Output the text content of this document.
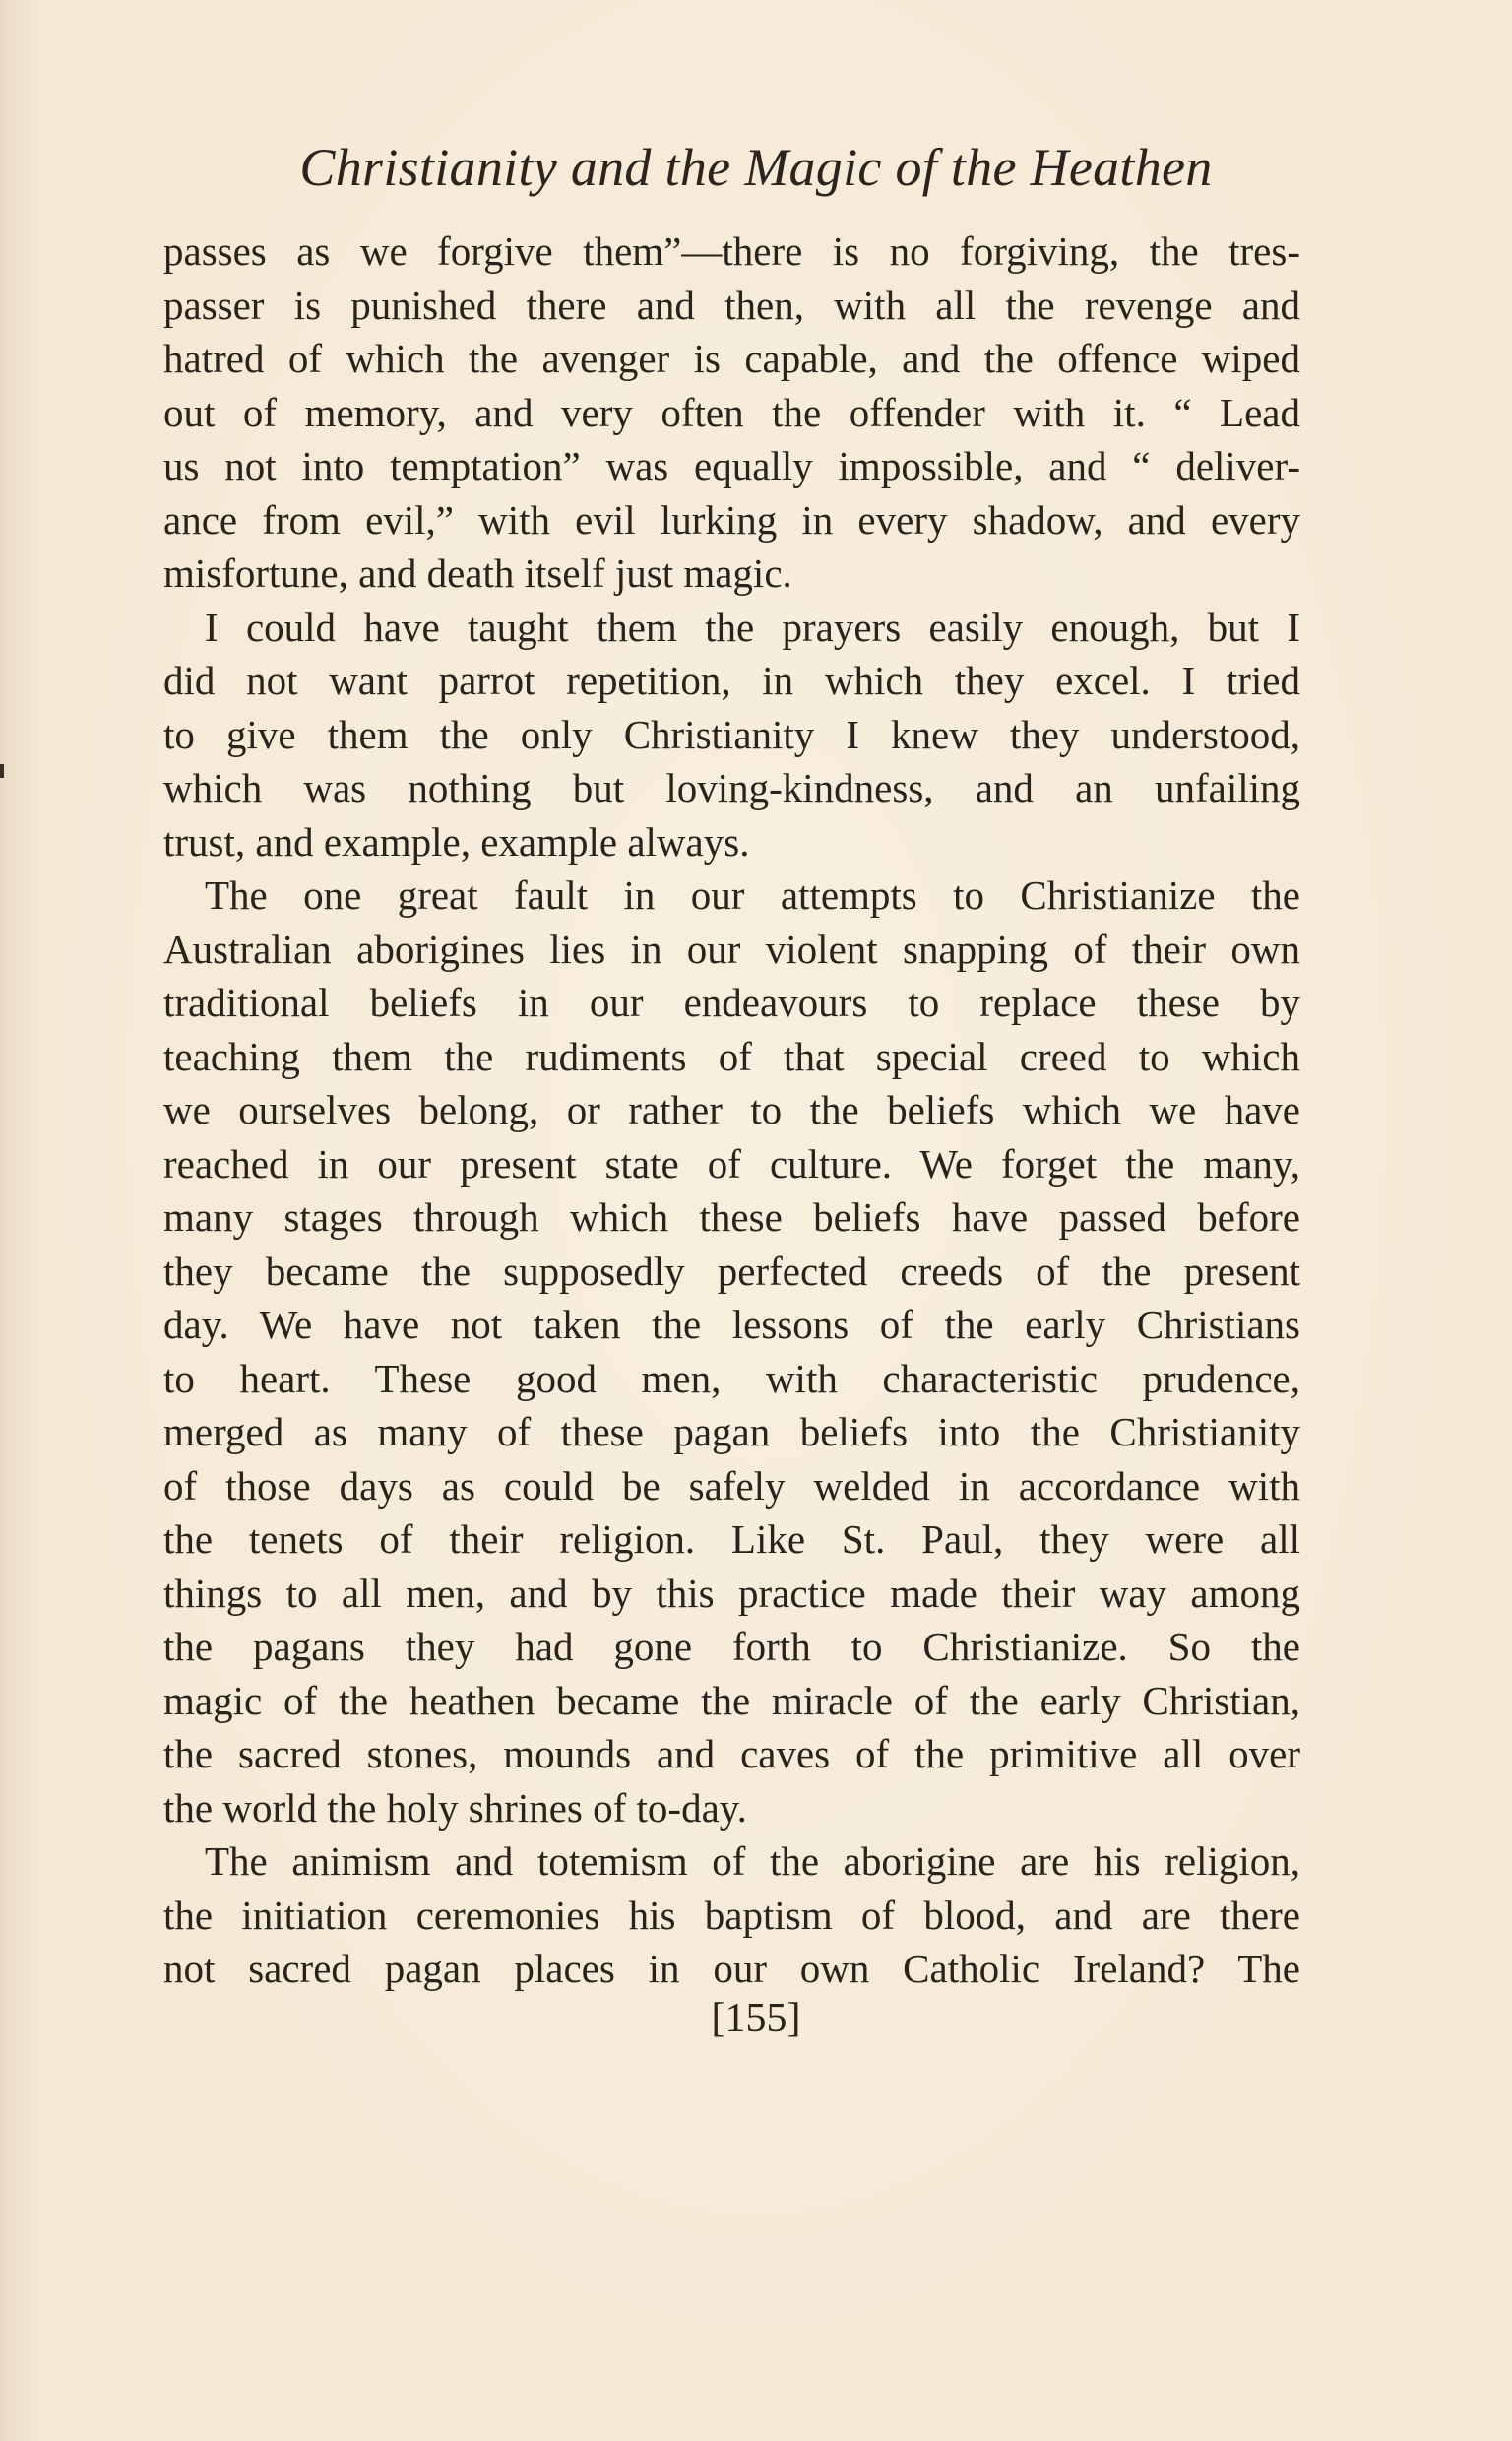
Christianity and the Magic of the Heathen
passes as we forgive them”—there is no forgiving, the tres-
passer is punished there and then, with all the revenge and
hatred of which the avenger is capable, and the offence wiped
out of memory, and very often the offender with it. “ Lead
us not into temptation” was equally impossible, and “ deliver-
ance from evil,” with evil lurking in every shadow, and every
misfortune, and death itself just magic.
I could have taught them the prayers easily enough, but I
did not want parrot repetition, in which they excel. I tried
to give them the only Christianity I knew they understood,
which was nothing but loving-kindness, and an unfailing
trust, and example, example always.
The one great fault in our attempts to Christianize the
Australian aborigines lies in our violent snapping of their own
traditional beliefs in our endeavours to replace these by
teaching them the rudiments of that special creed to which
we ourselves belong, or rather to the beliefs which we have
reached in our present state of culture. We forget the many,
many stages through which these beliefs have passed before
they became the supposedly perfected creeds of the present
day. We have not taken the lessons of the early Christians
to heart. These good men, with characteristic prudence,
merged as many of these pagan beliefs into the Christianity
of those days as could be safely welded in accordance with
the tenets of their religion. Like St. Paul, they were all
things to all men, and by this practice made their way among
the pagans they had gone forth to Christianize. So the
magic of the heathen became the miracle of the early Christian,
the sacred stones, mounds and caves of the primitive all over
the world the holy shrines of to-day.
The animism and totemism of the aborigine are his religion,
the initiation ceremonies his baptism of blood, and are there
not sacred pagan places in our own Catholic Ireland? The
[155]
